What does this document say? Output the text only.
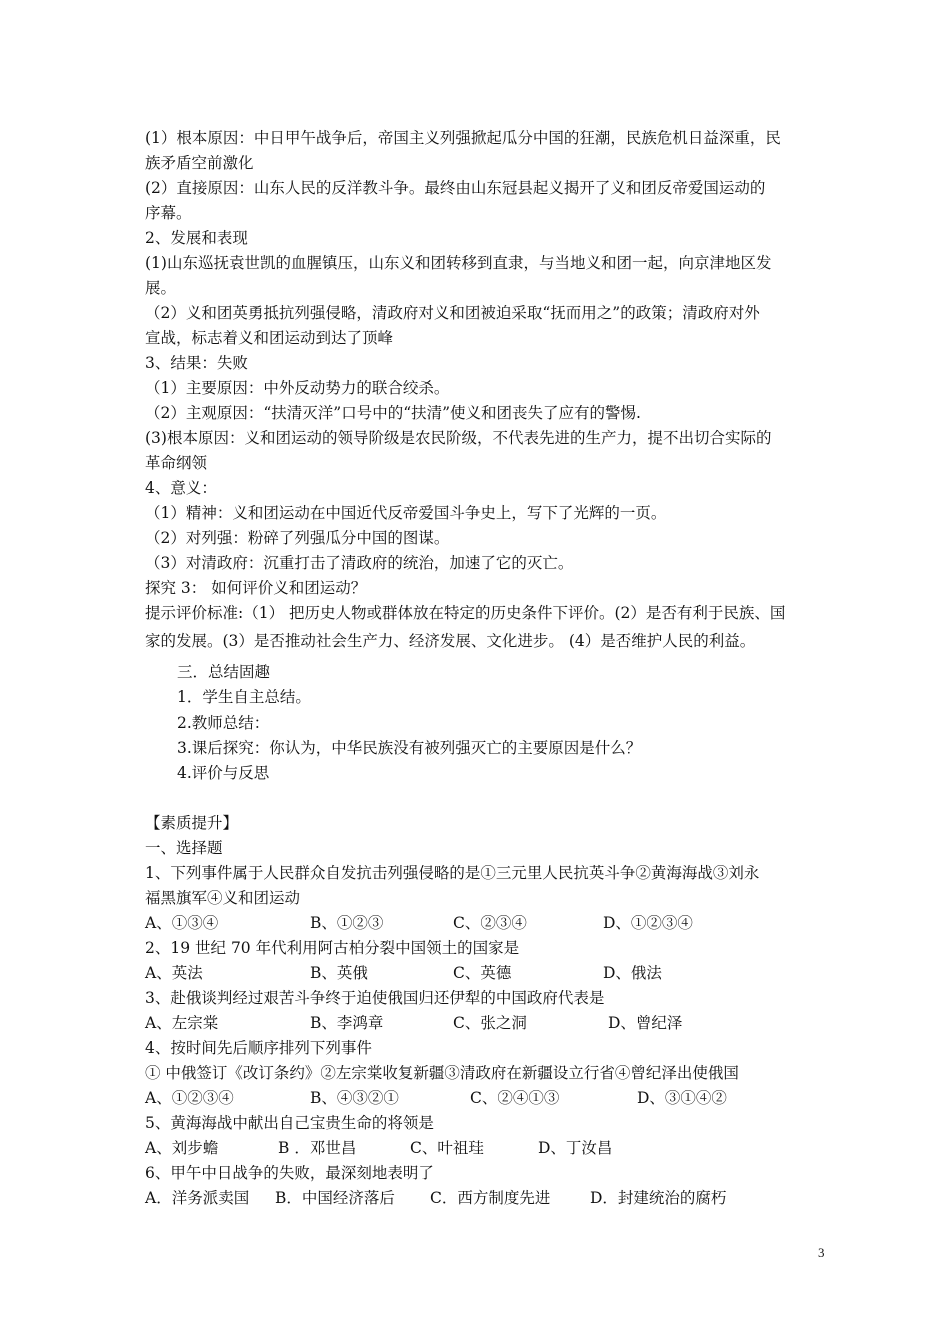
(1）根本原因：中日甲午战争后，帝国主义列强掀起瓜分中国的狂潮，民族危机日益深重，民
族矛盾空前激化
(2）直接原因：山东人民的反洋教斗争。最终由山东冠县起义揭开了义和团反帝爱国运动的
序幕。
2、发展和表现
(1)山东巡抚袁世凯的血腥镇压，山东义和团转移到直隶，与当地义和团一起，向京津地区发
展。
（2）义和团英勇抵抗列强侵略，清政府对义和团被迫采取“抚而用之”的政策；清政府对外
宣战，标志着义和团运动到达了顶峰
3、结果：失败
（1）主要原因：中外反动势力的联合绞杀。
（2）主观原因：“扶清灭洋”口号中的“扶清”使义和团丧失了应有的警惕.
(3)根本原因：义和团运动的领导阶级是农民阶级，不代表先进的生产力，提不出切合实际的
革命纲领
4、意义：
（1）精神：义和团运动在中国近代反帝爱国斗争史上，写下了光辉的一页。
（2）对列强：粉碎了列强瓜分中国的图谋。
（3）对清政府：沉重打击了清政府的统治，加速了它的灭亡。
探究 3： 如何评价义和团运动？
提示评价标准:（1） 把历史人物或群体放在特定的历史条件下评价。(2）是否有利于民族、国
家的发展。(3）是否推动社会生产力、经济发展、文化进步。 (4）是否维护人民的利益。
三．总结固趣
1．学生自主总结。
2.教师总结：
3.课后探究：你认为，中华民族没有被列强灭亡的主要原因是什么？
4.评价与反思
【素质提升】
一、选择题
1、下列事件属于人民群众自发抗击列强侵略的是①三元里人民抗英斗争②黄海海战③刘永
福黑旗军④义和团运动
A、①③④	B、①②③	C、②③④	D、①②③④
2、19 世纪 70 年代利用阿古柏分裂中国领土的国家是
A、英法	B、英俄	C、英德	D、俄法
3、赴俄谈判经过艰苦斗争终于迫使俄国归还伊犁的中国政府代表是
A、左宗棠	B、李鸿章	C、张之洞	D、曾纪泽
4、按时间先后顺序排列下列事件
① 中俄签订《改订条约》②左宗棠收复新疆③清政府在新疆设立行省④曾纪泽出使俄国
A、①②③④	B、④③②①	C、②④①③	D、③①④②
5、黄海海战中献出自己宝贵生命的将领是
A、刘步蟾	B ．邓世昌	C、叶祖珪	D、丁汝昌
6、甲午中日战争的失败，最深刻地表明了
A．洋务派卖国 B．中国经济落后 C．西方制度先进	D．封建统治的腐朽
3
